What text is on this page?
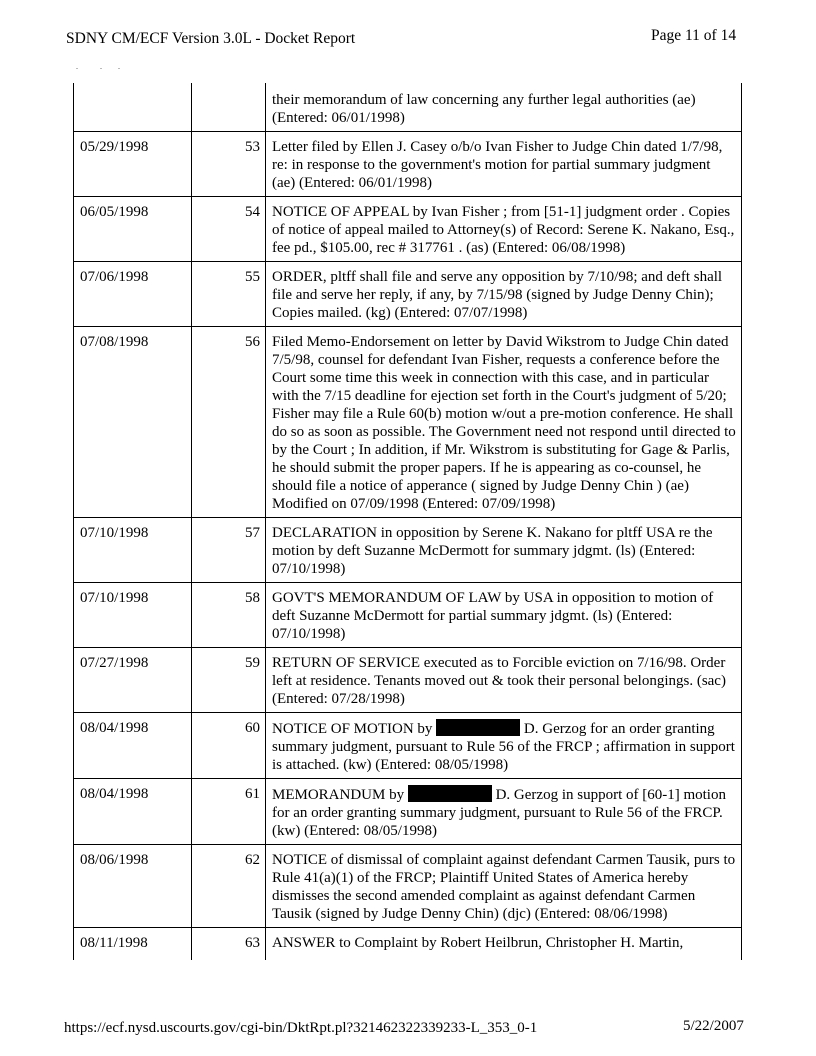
SDNY CM/ECF Version 3.0L - Docket Report	Page 11 of 14
		their memorandum of law concerning any further legal authorities (ae) (Entered: 06/01/1998)
05/29/1998	53	Letter filed by Ellen J. Casey o/b/o Ivan Fisher to Judge Chin dated 1/7/98, re: in response to the government's motion for partial summary judgment (ae) (Entered: 06/01/1998)
06/05/1998	54	NOTICE OF APPEAL by Ivan Fisher ; from [51-1] judgment order . Copies of notice of appeal mailed to Attorney(s) of Record: Serene K. Nakano, Esq., fee pd., $105.00, rec # 317761 . (as) (Entered: 06/08/1998)
07/06/1998	55	ORDER, pltff shall file and serve any opposition by 7/10/98; and deft shall file and serve her reply, if any, by 7/15/98 (signed by Judge Denny Chin); Copies mailed. (kg) (Entered: 07/07/1998)
07/08/1998	56	Filed Memo-Endorsement on letter by David Wikstrom to Judge Chin dated 7/5/98, counsel for defendant Ivan Fisher, requests a conference before the Court some time this week in connection with this case, and in particular with the 7/15 deadline for ejection set forth in the Court's judgment of 5/20; Fisher may file a Rule 60(b) motion w/out a pre-motion conference. He shall do so as soon as possible. The Government need not respond until directed to by the Court ; In addition, if Mr. Wikstrom is substituting for Gage & Parlis, he should submit the proper papers. If he is appearing as co-counsel, he should file a notice of apperance ( signed by Judge Denny Chin ) (ae) Modified on 07/09/1998 (Entered: 07/09/1998)
07/10/1998	57	DECLARATION in opposition by Serene K. Nakano for pltff USA re the motion by deft Suzanne McDermott for summary jdgmt. (ls) (Entered: 07/10/1998)
07/10/1998	58	GOVT'S MEMORANDUM OF LAW by USA in opposition to motion of deft Suzanne McDermott for partial summary jdgmt. (ls) (Entered: 07/10/1998)
07/27/1998	59	RETURN OF SERVICE executed as to Forcible eviction on 7/16/98. Order left at residence. Tenants moved out & took their personal belongings. (sac) (Entered: 07/28/1998)
08/04/1998	60	NOTICE OF MOTION by D. Gerzog for an order granting summary judgment, pursuant to Rule 56 of the FRCP ; affirmation in support is attached. (kw) (Entered: 08/05/1998)
08/04/1998	61	MEMORANDUM by D. Gerzog in support of [60-1] motion for an order granting summary judgment, pursuant to Rule 56 of the FRCP. (kw) (Entered: 08/05/1998)
08/06/1998	62	NOTICE of dismissal of complaint against defendant Carmen Tausik, purs to Rule 41(a)(1) of the FRCP; Plaintiff United States of America hereby dismisses the second amended complaint as against defendant Carmen Tausik (signed by Judge Denny Chin) (djc) (Entered: 08/06/1998)
08/11/1998	63	ANSWER to Complaint by Robert Heilbrun, Christopher H. Martin,
https://ecf.nysd.uscourts.gov/cgi-bin/DktRpt.pl?321462322339233-L_353_0-1	5/22/2007
